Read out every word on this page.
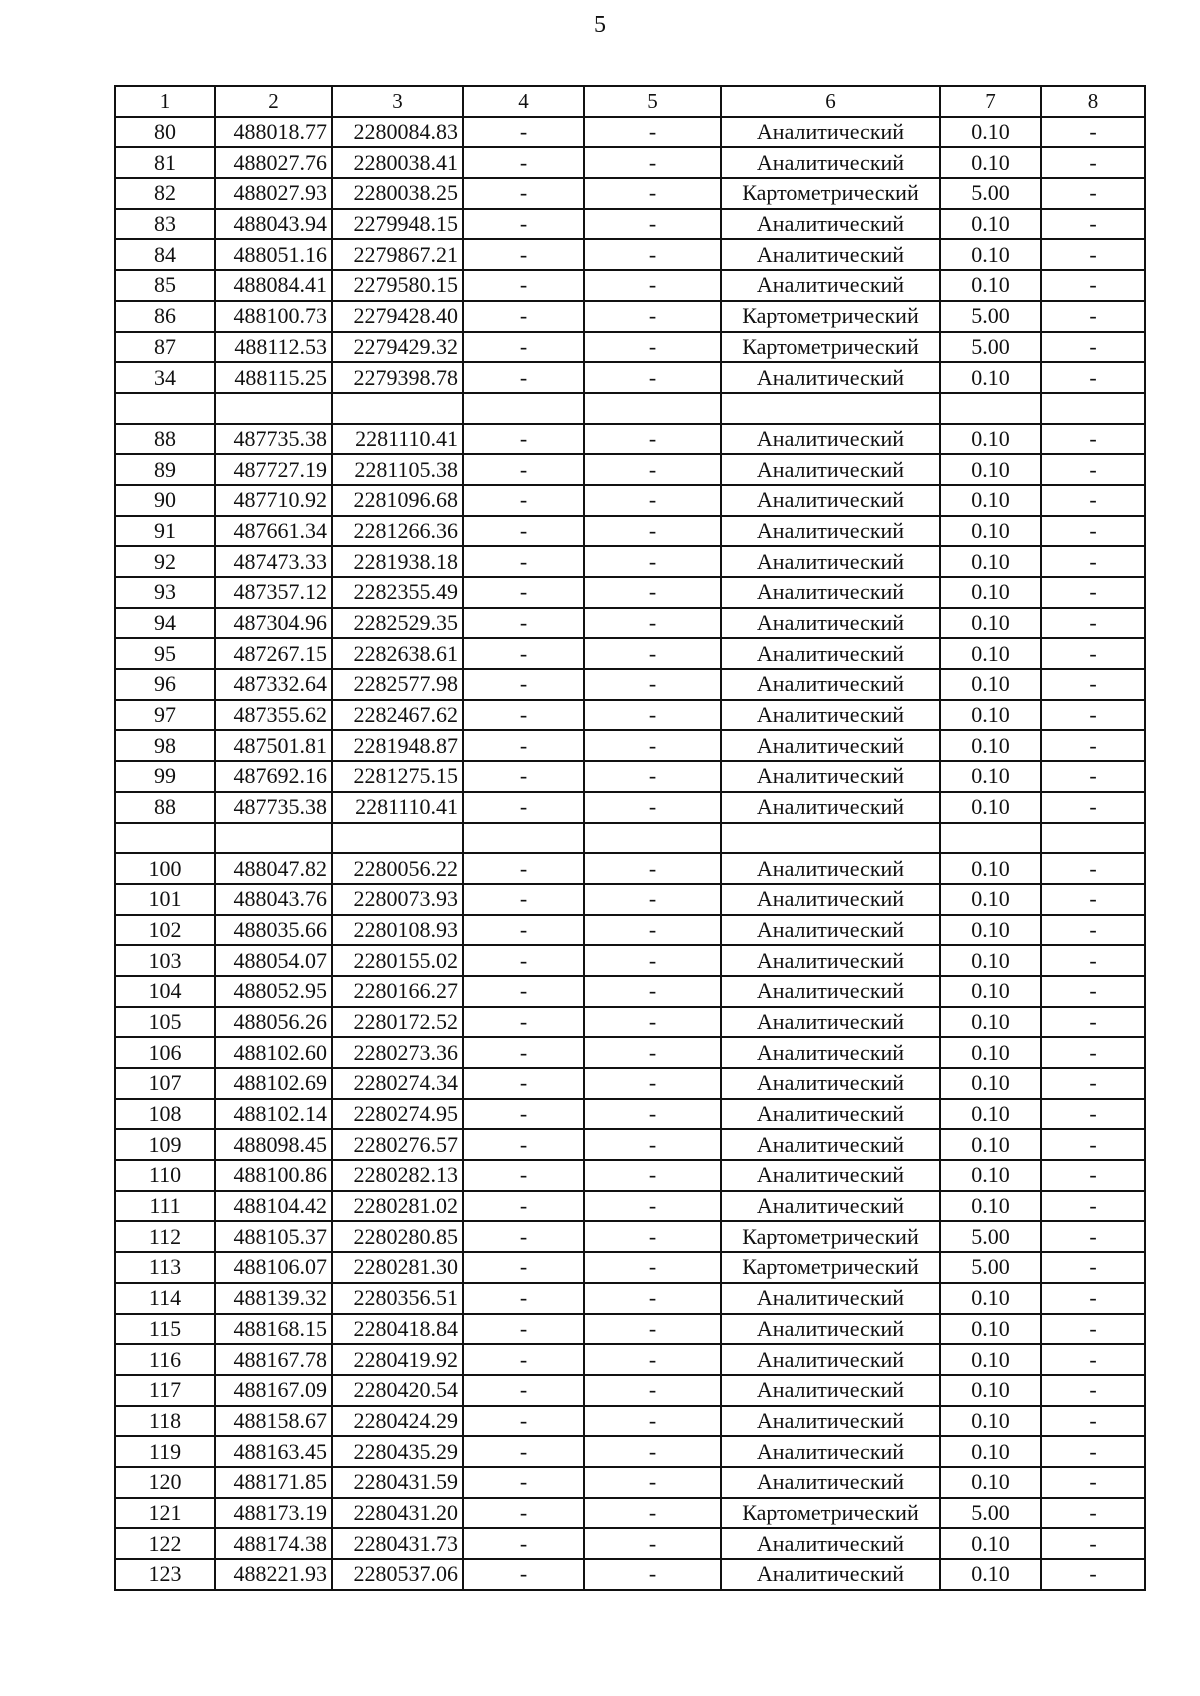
5
1	2	3	4	5	6	7	8
80	488018.77	2280084.83	-	-	Аналитический	0.10	-
81	488027.76	2280038.41	-	-	Аналитический	0.10	-
82	488027.93	2280038.25	-	-	Картометрический	5.00	-
83	488043.94	2279948.15	-	-	Аналитический	0.10	-
84	488051.16	2279867.21	-	-	Аналитический	0.10	-
85	488084.41	2279580.15	-	-	Аналитический	0.10	-
86	488100.73	2279428.40	-	-	Картометрический	5.00	-
87	488112.53	2279429.32	-	-	Картометрический	5.00	-
34	488115.25	2279398.78	-	-	Аналитический	0.10	-

88	487735.38	2281110.41	-	-	Аналитический	0.10	-
89	487727.19	2281105.38	-	-	Аналитический	0.10	-
90	487710.92	2281096.68	-	-	Аналитический	0.10	-
91	487661.34	2281266.36	-	-	Аналитический	0.10	-
92	487473.33	2281938.18	-	-	Аналитический	0.10	-
93	487357.12	2282355.49	-	-	Аналитический	0.10	-
94	487304.96	2282529.35	-	-	Аналитический	0.10	-
95	487267.15	2282638.61	-	-	Аналитический	0.10	-
96	487332.64	2282577.98	-	-	Аналитический	0.10	-
97	487355.62	2282467.62	-	-	Аналитический	0.10	-
98	487501.81	2281948.87	-	-	Аналитический	0.10	-
99	487692.16	2281275.15	-	-	Аналитический	0.10	-
88	487735.38	2281110.41	-	-	Аналитический	0.10	-

100	488047.82	2280056.22	-	-	Аналитический	0.10	-
101	488043.76	2280073.93	-	-	Аналитический	0.10	-
102	488035.66	2280108.93	-	-	Аналитический	0.10	-
103	488054.07	2280155.02	-	-	Аналитический	0.10	-
104	488052.95	2280166.27	-	-	Аналитический	0.10	-
105	488056.26	2280172.52	-	-	Аналитический	0.10	-
106	488102.60	2280273.36	-	-	Аналитический	0.10	-
107	488102.69	2280274.34	-	-	Аналитический	0.10	-
108	488102.14	2280274.95	-	-	Аналитический	0.10	-
109	488098.45	2280276.57	-	-	Аналитический	0.10	-
110	488100.86	2280282.13	-	-	Аналитический	0.10	-
111	488104.42	2280281.02	-	-	Аналитический	0.10	-
112	488105.37	2280280.85	-	-	Картометрический	5.00	-
113	488106.07	2280281.30	-	-	Картометрический	5.00	-
114	488139.32	2280356.51	-	-	Аналитический	0.10	-
115	488168.15	2280418.84	-	-	Аналитический	0.10	-
116	488167.78	2280419.92	-	-	Аналитический	0.10	-
117	488167.09	2280420.54	-	-	Аналитический	0.10	-
118	488158.67	2280424.29	-	-	Аналитический	0.10	-
119	488163.45	2280435.29	-	-	Аналитический	0.10	-
120	488171.85	2280431.59	-	-	Аналитический	0.10	-
121	488173.19	2280431.20	-	-	Картометрический	5.00	-
122	488174.38	2280431.73	-	-	Аналитический	0.10	-
123	488221.93	2280537.06	-	-	Аналитический	0.10	-
